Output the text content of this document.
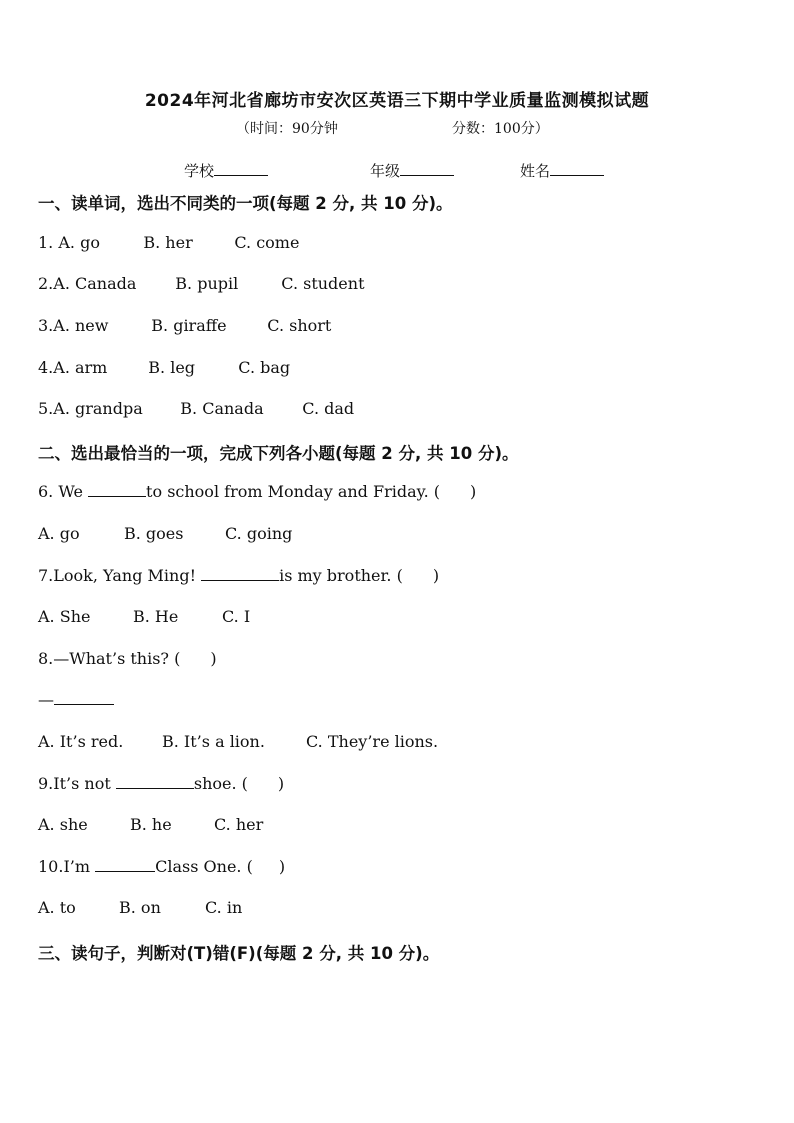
2024年河北省廊坊市安次区英语三下期中学业质量监测模拟试题
（时间：90分钟	分数：100分）
学校	年级	姓名
一、读单词，选出不同类的一项(每题 2 分, 共 10 分)。
1. A. go	B. her	C. come
2.A. Canada B. pupil	C. student
3.A. new	B. giraffe	C. short
4.A. arm	B. leg	C. bag
5.A. grandpa B. Canada C. dad
二、选出最恰当的一项，完成下列各小题(每题 2 分, 共 10 分)。
6. We	to school from Monday and Friday. ( )
A. go	B. goes	C. going
7.Look, Yang Ming!	is my brother. ( )
A. She	B. He	C. I
8.—What’s this? ( )
—
A. It’s red. B. It’s a lion.	C. They’re lions.
9.It’s not	shoe. ( )
A. she	B. he	C. her
10.I’m	Class One. ( )
A. to	B. on	C. in
三、读句子，判断对(T)错(F)(每题 2 分, 共 10 分)。
